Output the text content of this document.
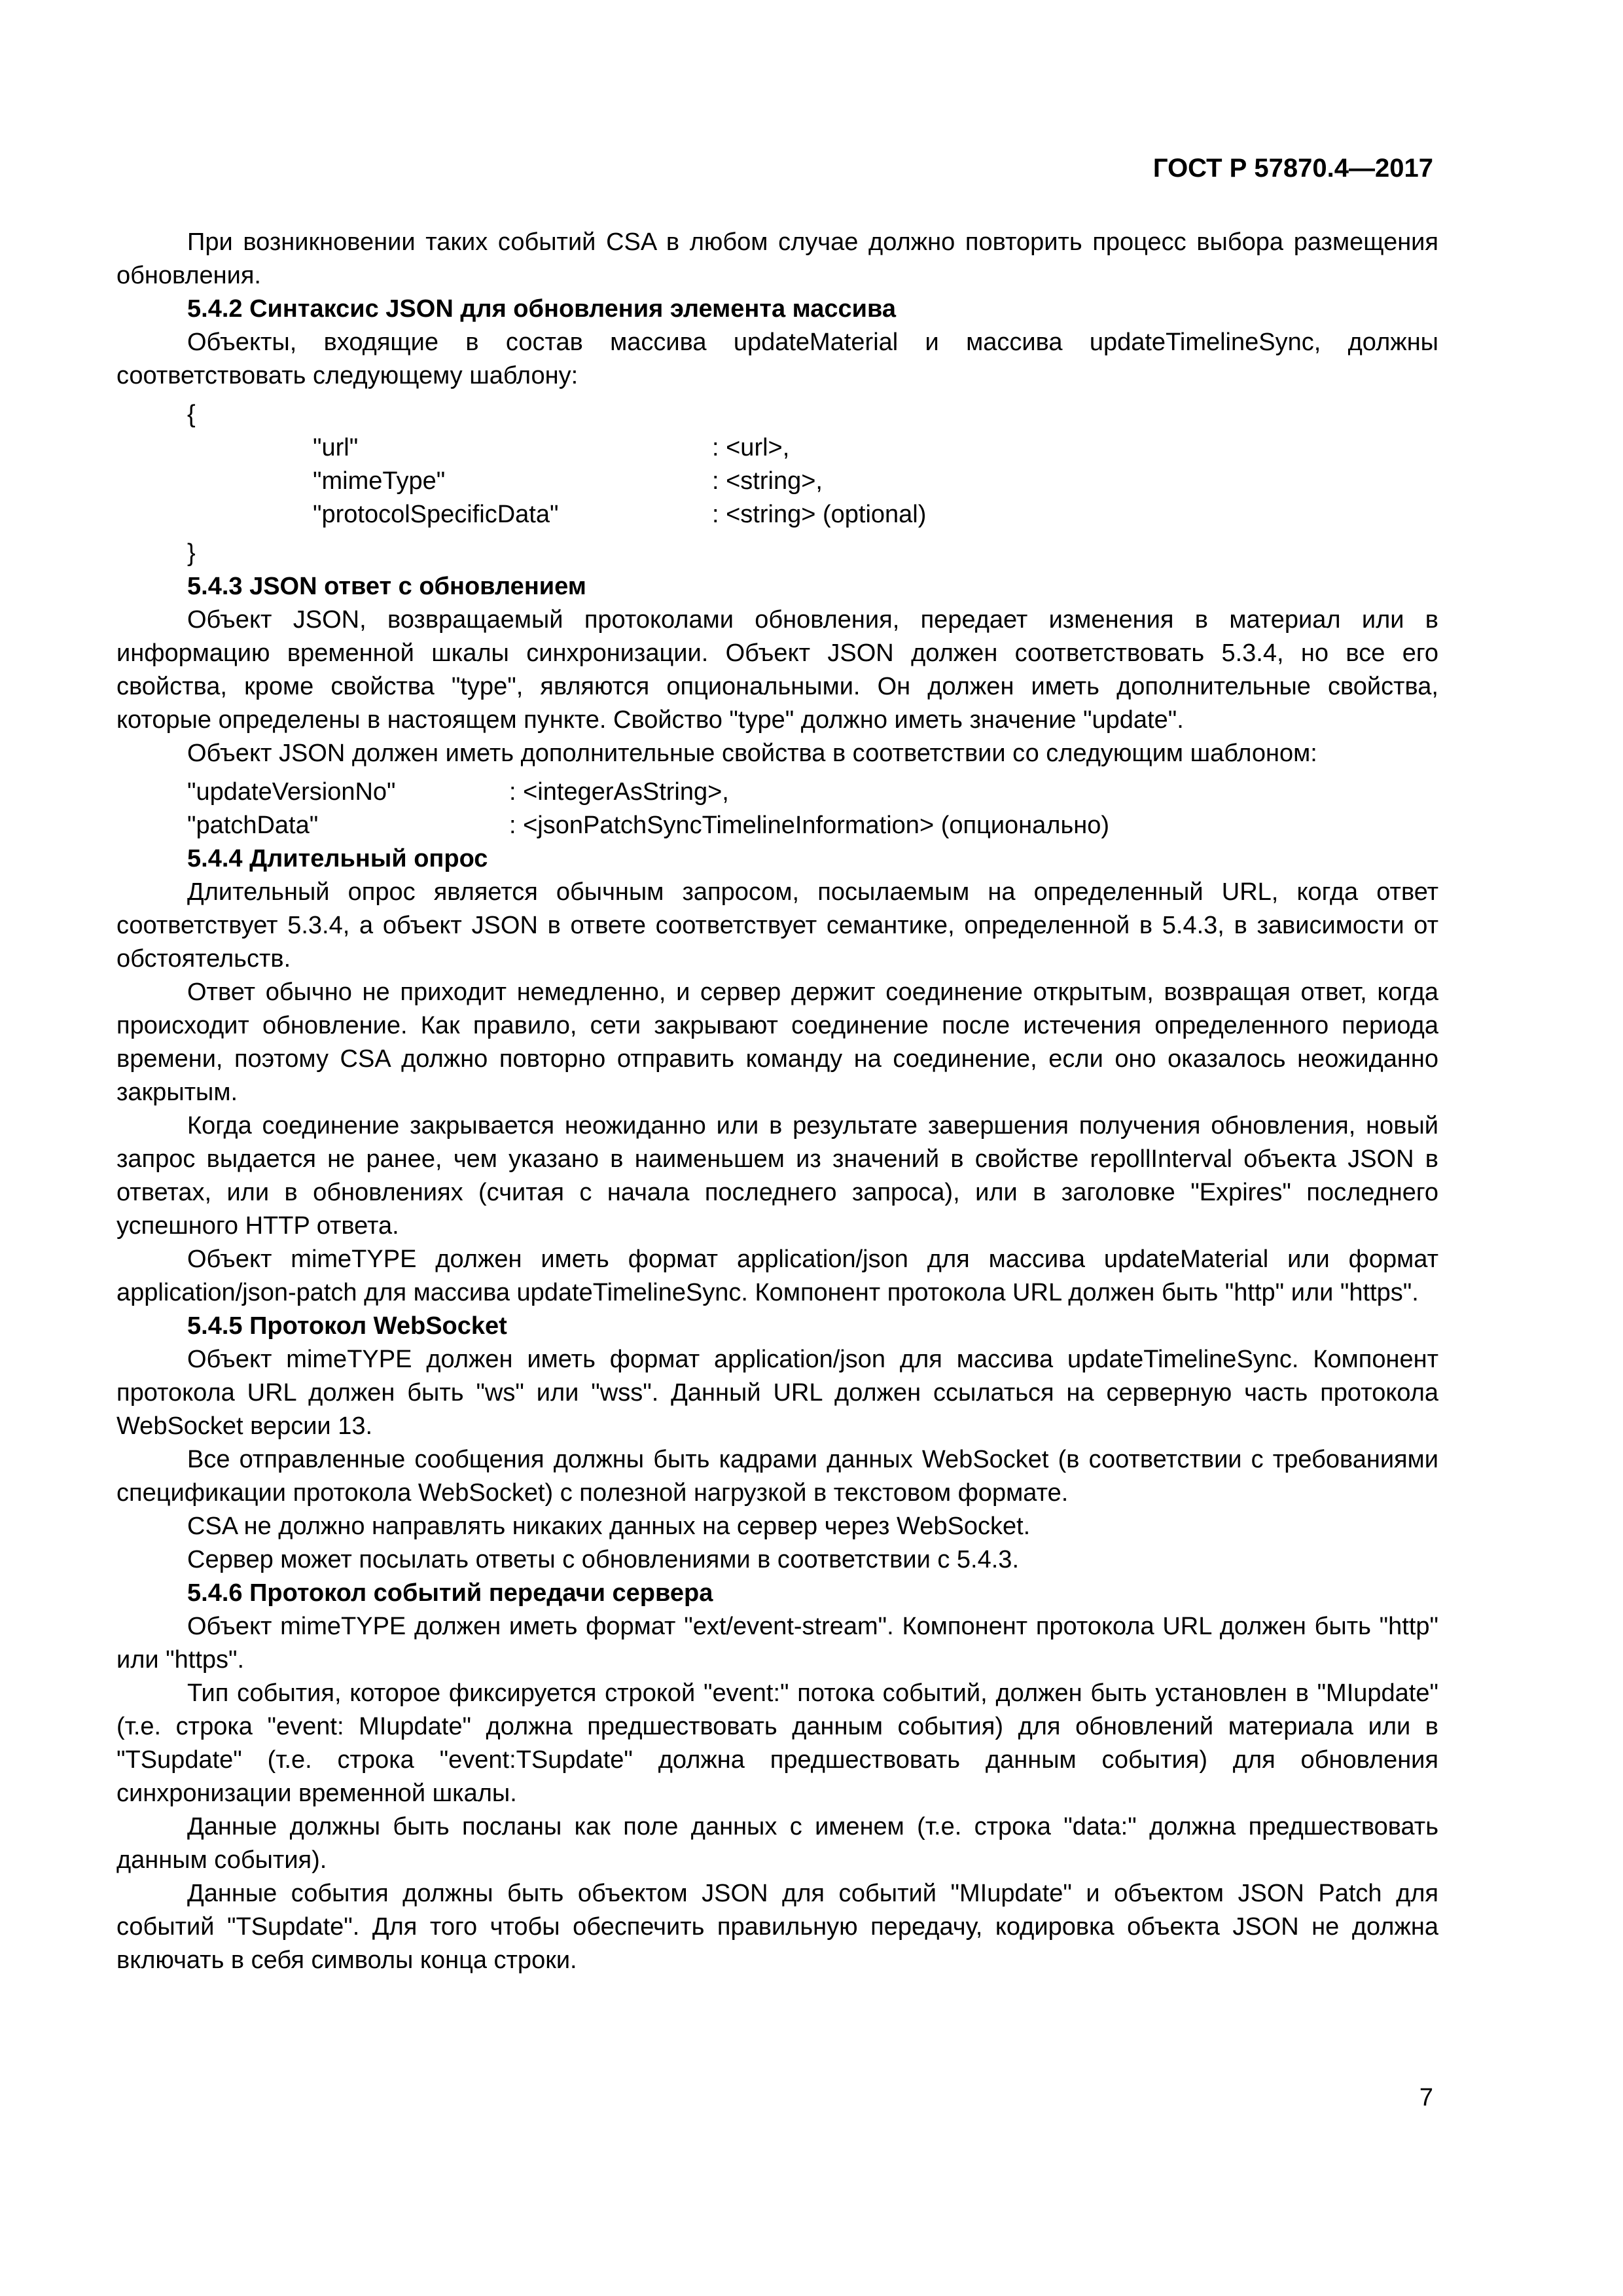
ГОСТ Р 57870.4—2017

При возникновении таких событий CSA в любом случае должно повторить процесс выбора размещения обновления.

5.4.2 Синтаксис JSON для обновления элемента массива

Объекты, входящие в состав массива updateMaterial и массива updateTimelineSync, должны соответствовать следующему шаблону:

{
"url"	: <url>,
"mimeType"	: <string>,
"protocolSpecificData"	: <string> (optional)
}
5.4.3 JSON ответ с обновлением

Объект JSON, возвращаемый протоколами обновления, передает изменения в материал или в информацию временной шкалы синхронизации. Объект JSON должен соответствовать 5.3.4, но все его свойства, кроме свойства "type", являются опциональными. Он должен иметь дополнительные свойства, которые определены в настоящем пункте. Свойство "type" должно иметь значение "update".

Объект JSON должен иметь дополнительные свойства в соответствии со следующим шаблоном:

"updateVersionNo"	: <integerAsString>,
"patchData"	: <jsonPatchSyncTimelineInformation> (опционально)
5.4.4 Длительный опрос

Длительный опрос является обычным запросом, посылаемым на определенный URL, когда ответ соответствует 5.3.4, а объект JSON в ответе соответствует семантике, определенной в 5.4.3, в зависимости от обстоятельств.

Ответ обычно не приходит немедленно, и сервер держит соединение открытым, возвращая ответ, когда происходит обновление. Как правило, сети закрывают соединение после истечения определенного периода времени, поэтому CSA должно повторно отправить команду на соединение, если оно оказалось неожиданно закрытым.

Когда соединение закрывается неожиданно или в результате завершения получения обновления, новый запрос выдается не ранее, чем указано в наименьшем из значений в свойстве repollInterval объекта JSON в ответах, или в обновлениях (считая с начала последнего запроса), или в заголовке "Expires" последнего успешного HTTP ответа.

Объект mimeTYPE должен иметь формат application/json для массива updateMaterial или формат application/json-patch для массива updateTimelineSync. Компонент протокола URL должен быть "http" или "https".

5.4.5 Протокол WebSocket

Объект mimeTYPE должен иметь формат application/json для массива updateTimelineSync. Компонент протокола URL должен быть "ws" или "wss". Данный URL должен ссылаться на серверную часть протокола WebSocket версии 13.

Все отправленные сообщения должны быть кадрами данных WebSocket (в соответствии с требованиями спецификации протокола WebSocket) с полезной нагрузкой в текстовом формате.

CSA не должно направлять никаких данных на сервер через WebSocket.

Сервер может посылать ответы с обновлениями в соответствии с 5.4.3.

5.4.6 Протокол событий передачи сервера

Объект mimeTYPE должен иметь формат "ext/event-stream". Компонент протокола URL должен быть "http" или "https".

Тип события, которое фиксируется строкой "event:" потока событий, должен быть установлен в "MIupdate" (т.е. строка "event: MIupdate" должна предшествовать данным события) для обновлений материала или в "TSupdate" (т.е. строка "event:TSupdate" должна предшествовать данным события) для обновления синхронизации временной шкалы.

Данные должны быть посланы как поле данных с именем (т.е. строка "data:" должна предшествовать данным события).

Данные события должны быть объектом JSON для событий "MIupdate" и объектом JSON Patch для событий "TSupdate". Для того чтобы обеспечить правильную передачу, кодировка объекта JSON не должна включать в себя символы конца строки.

7
